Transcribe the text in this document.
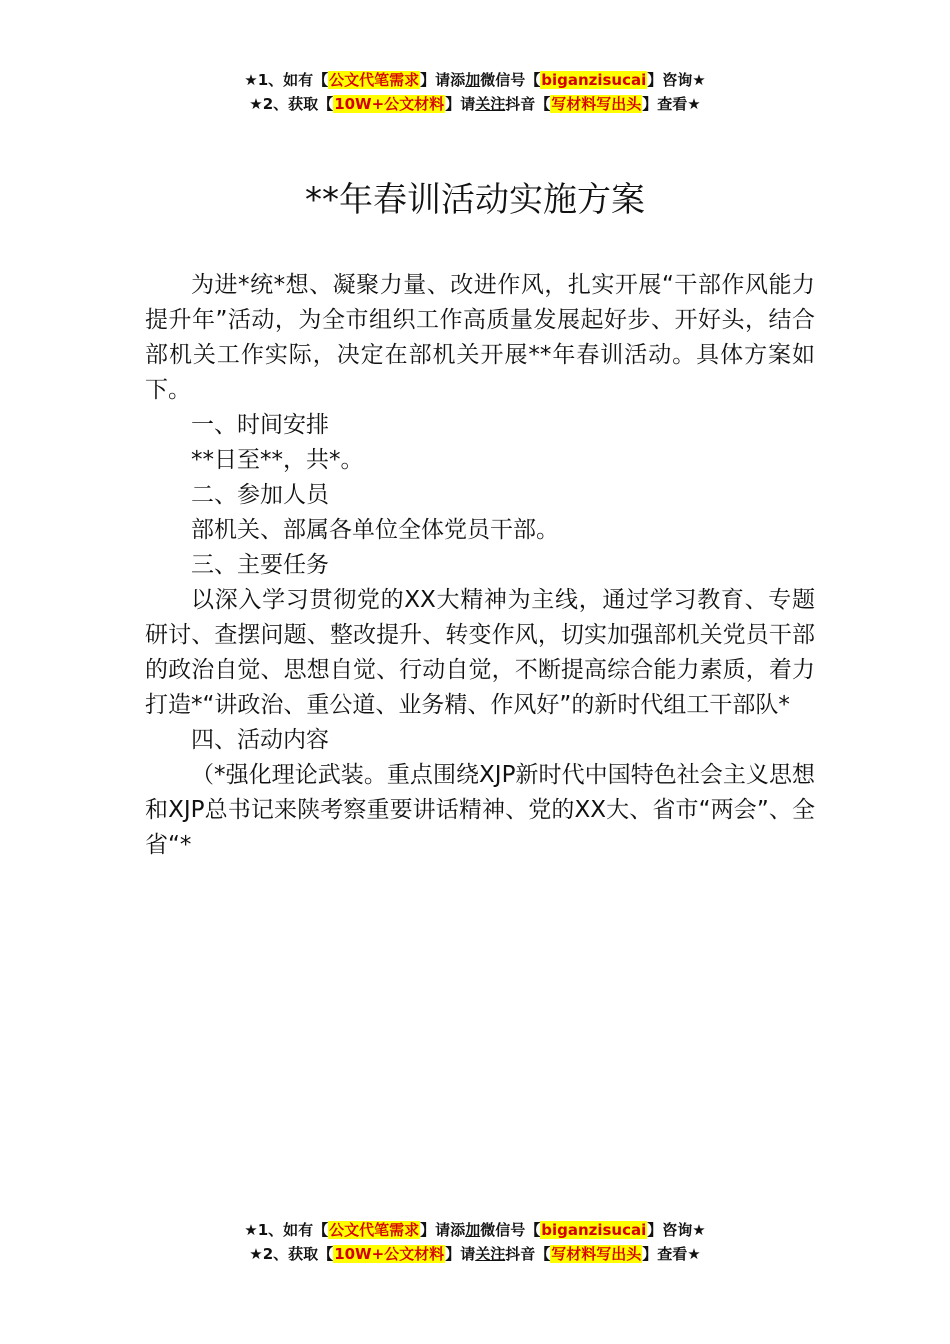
★1、如有【公文代笔需求】请添加微信号【biganzisucai】咨询★
★2、获取【10W+公文材料】请关注抖音【写材料写出头】查看★
**年春训活动实施方案

为进*统*想、凝聚力量、改进作风，扎实开展“干部作风能力提升年”活动，为全市组织工作高质量发展起好步、开好头，结合部机关工作实际，决定在部机关开展**年春训活动。具体方案如下。

一、时间安排

**日至**，共*。

二、参加人员

部机关、部属各单位全体党员干部。

三、主要任务

以深入学习贯彻党的XX大精神为主线，通过学习教育、专题研讨、查摆问题、整改提升、转变作风，切实加强部机关党员干部的政治自觉、思想自觉、行动自觉，不断提高综合能力素质，着力打造*“讲政治、重公道、业务精、作风好”的新时代组工干部队*

四、活动内容

（*强化理论武装。重点围绕XJP新时代中国特色社会主义思想和XJP总书记来陕考察重要讲话精神、党的XX大、省市“两会”、全省“*

★1、如有【公文代笔需求】请添加微信号【biganzisucai】咨询★
★2、获取【10W+公文材料】请关注抖音【写材料写出头】查看★
